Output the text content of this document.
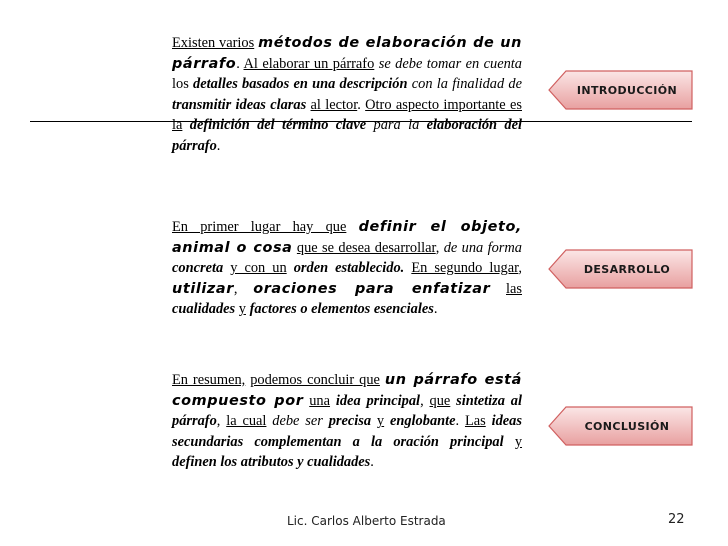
Existen varios métodos de elaboración de un párrafo. Al elaborar un párrafo se debe tomar en cuenta los detalles basados en una descripción con la finalidad de transmitir ideas claras al lector. Otro aspecto importante es la definición del término clave para la elaboración del párrafo.

En primer lugar hay que definir el objeto, animal o cosa que se desea desarrollar, de una forma concreta y con un orden establecido. En segundo lugar, utilizar, oraciones para enfatizar las cualidades y factores o elementos esenciales.

En resumen, podemos concluir que un párrafo está compuesto por una idea principal, que sintetiza al párrafo, la cual debe ser precisa y englobante. Las ideas secundarias complementan a la oración principal y definen los atributos y cualidades.

INTRODUCCIÓN
DESARROLLO
CONCLUSIÓN
Lic. Carlos Alberto Estrada	22
